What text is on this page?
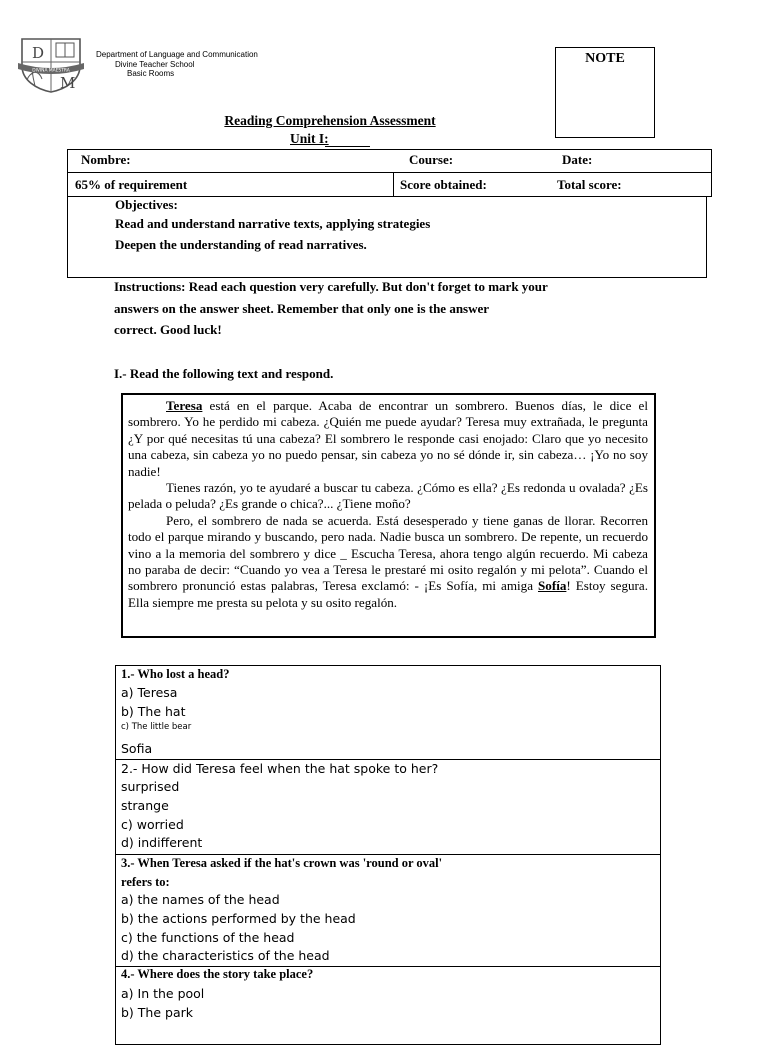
D
M
DIVINA MAESTRA
Department of Language and Communication
Divine Teacher School
Basic Rooms
NOTE
Reading Comprehension Assessment
Unit I:
Nombre:	Course:	Date:
65% of requirement	Score obtained:	Total score:
Objectives:
Read and understand narrative texts, applying strategies
Deepen the understanding of read narratives.
Instructions: Read each question very carefully. But don't forget to mark your
answers on the answer sheet. Remember that only one is the answer
correct. Good luck!
I.- Read the following text and respond.

Teresa está en el parque. Acaba de encontrar un sombrero. Buenos días, le dice el sombrero. Yo he perdido mi cabeza. ¿Quién me puede ayudar? Teresa muy extrañada, le pregunta ¿Y por qué necesitas tú una cabeza? El sombrero le responde casi enojado: Claro que yo necesito una cabeza, sin cabeza yo no puedo pensar, sin cabeza yo no sé dónde ir, sin cabeza… ¡Yo no soy nadie!

Tienes razón, yo te ayudaré a buscar tu cabeza. ¿Cómo es ella? ¿Es redonda u ovalada? ¿Es pelada o peluda? ¿Es grande o chica?... ¿Tiene moño?

Pero, el sombrero de nada se acuerda. Está desesperado y tiene ganas de llorar. Recorren todo el parque mirando y buscando, pero nada. Nadie busca un sombrero. De repente, un recuerdo vino a la memoria del sombrero y dice _ Escucha Teresa, ahora tengo algún recuerdo. Mi cabeza no paraba de decir: “Cuando yo vea a Teresa le prestaré mi osito regalón y mi pelota”. Cuando el sombrero pronunció estas palabras, Teresa exclamó: - ¡Es Sofía, mi amiga Sofía! Estoy segura. Ella siempre me presta su pelota y su osito regalón.

1.- Who lost a head?
a) Teresa
b) The hat
c) The little bear
Sofia
2.- How did Teresa feel when the hat spoke to her?
surprised
strange
c) worried
d) indifferent
3.- When Teresa asked if the hat's crown was 'round or oval'
refers to:
a) the names of the head
b) the actions performed by the head
c) the functions of the head
d) the characteristics of the head
4.- Where does the story take place?
a) In the pool
b) The park
